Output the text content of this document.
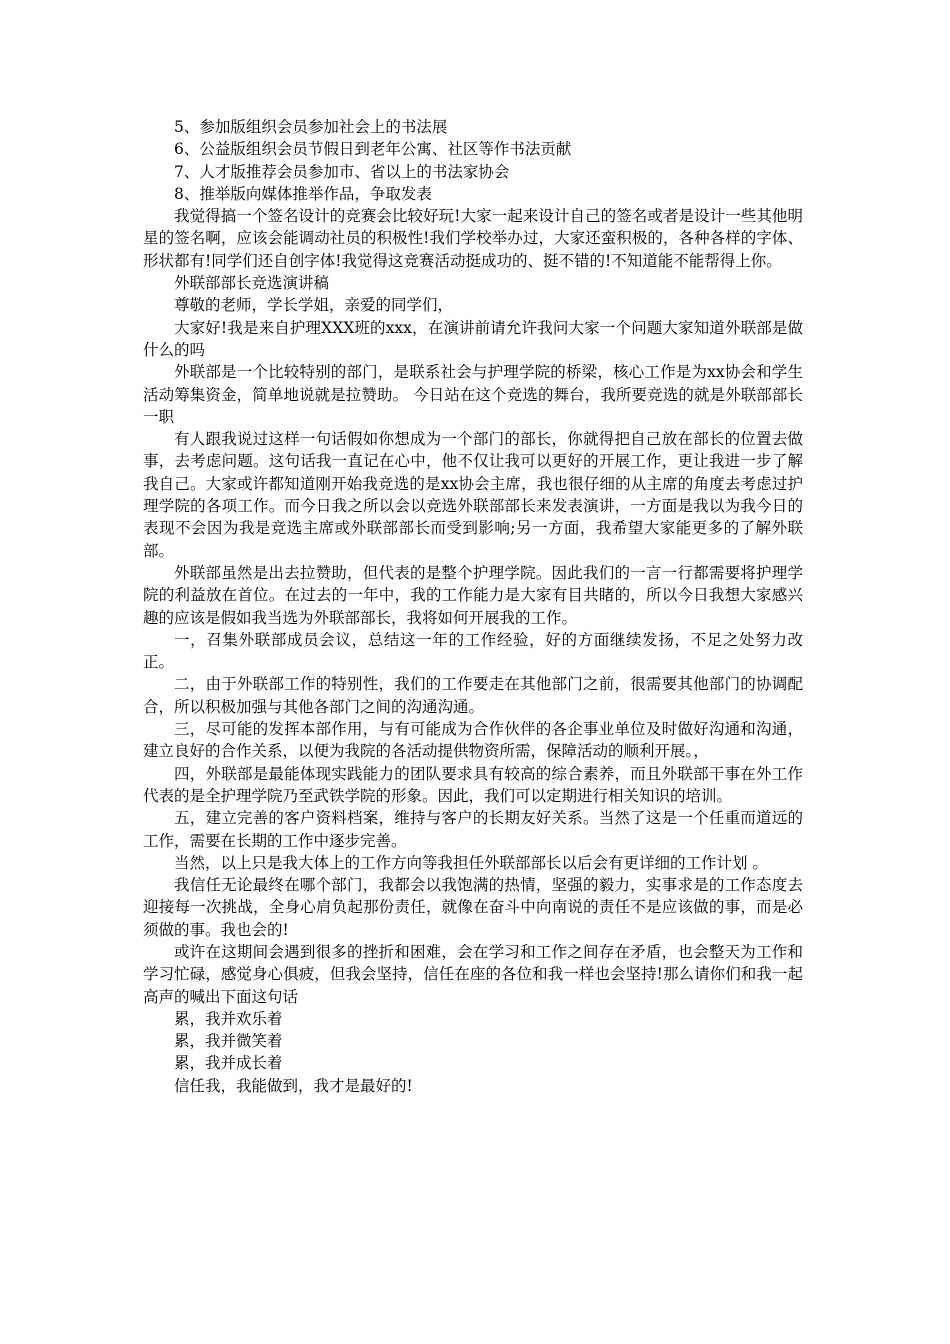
5、参加版组织会员参加社会上的书法展

6、公益版组织会员节假日到老年公寓、社区等作书法贡献

7、人才版推荐会员参加市、省以上的书法家协会

8、推举版向媒体推举作品，争取发表

我觉得搞一个签名设计的竞赛会比较好玩!大家一起来设计自己的签名或者是设计一些其他明星的签名啊，应该会能调动社员的积极性!我们学校举办过，大家还蛮积极的，各种各样的字体、形状都有!同学们还自创字体!我觉得这竞赛活动挺成功的、挺不错的!不知道能不能帮得上你。

外联部部长竞选演讲稿

尊敬的老师，学长学姐，亲爱的同学们，

大家好!我是来自护理XXX班的xxx，在演讲前请允许我问大家一个问题大家知道外联部是做什么的吗

外联部是一个比较特别的部门，是联系社会与护理学院的桥梁，核心工作是为xx协会和学生活动筹集资金，简单地说就是拉赞助。 今日站在这个竞选的舞台，我所要竞选的就是外联部部长一职

有人跟我说过这样一句话假如你想成为一个部门的部长，你就得把自己放在部长的位置去做事，去考虑问题。这句话我一直记在心中，他不仅让我可以更好的开展工作，更让我进一步了解我自己。大家或许都知道刚开始我竞选的是xx协会主席，我也很仔细的从主席的角度去考虑过护理学院的各项工作。而今日我之所以会以竞选外联部部长来发表演讲，一方面是我以为我今日的表现不会因为我是竞选主席或外联部部长而受到影响;另一方面，我希望大家能更多的了解外联部。

外联部虽然是出去拉赞助，但代表的是整个护理学院。因此我们的一言一行都需要将护理学院的利益放在首位。在过去的一年中，我的工作能力是大家有目共睹的，所以今日我想大家感兴趣的应该是假如我当选为外联部部长，我将如何开展我的工作。

一，召集外联部成员会议，总结这一年的工作经验，好的方面继续发扬，不足之处努力改正。

二，由于外联部工作的特别性，我们的工作要走在其他部门之前，很需要其他部门的协调配合，所以积极加强与其他各部门之间的沟通沟通。

三，尽可能的发挥本部作用，与有可能成为合作伙伴的各企事业单位及时做好沟通和沟通，建立良好的合作关系，以便为我院的各活动提供物资所需，保障活动的顺利开展。，

四，外联部是最能体现实践能力的团队要求具有较高的综合素养，而且外联部干事在外工作代表的是全护理学院乃至武铁学院的形象。因此，我们可以定期进行相关知识的培训。

五，建立完善的客户资料档案，维持与客户的长期友好关系。当然了这是一个任重而道远的工作，需要在长期的工作中逐步完善。

当然，以上只是我大体上的工作方向等我担任外联部部长以后会有更详细的工作计划 。

我信任无论最终在哪个部门，我都会以我饱满的热情，坚强的毅力，实事求是的工作态度去迎接每一次挑战，全身心肩负起那份责任，就像在奋斗中向南说的责任不是应该做的事，而是必须做的事。我也会的!

或许在这期间会遇到很多的挫折和困难，会在学习和工作之间存在矛盾，也会整天为工作和学习忙碌，感觉身心俱疲，但我会坚持，信任在座的各位和我一样也会坚持!那么请你们和我一起高声的喊出下面这句话

累，我并欢乐着

累，我并微笑着

累，我并成长着

信任我，我能做到，我才是最好的!
